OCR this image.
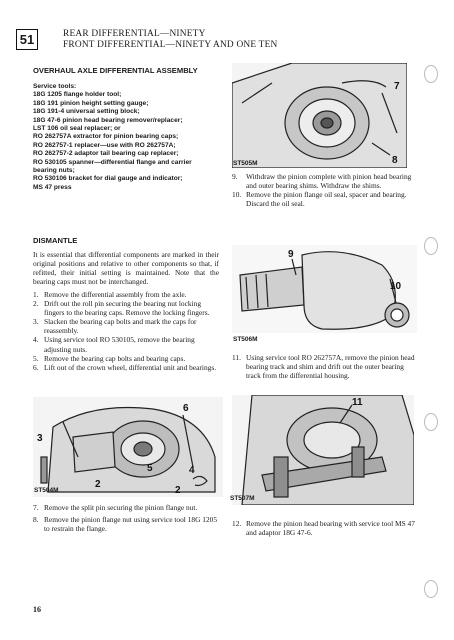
51	REAR DIFFERENTIAL—NINETY
FRONT DIFFERENTIAL—NINETY AND ONE TEN
OVERHAUL AXLE DIFFERENTIAL ASSEMBLY
Service tools:
18G 1205 flange holder tool;
18G 191 pinion height setting gauge;
18G 191-4 universal setting block;
18G 47-6 pinion head bearing remover/replacer;
LST 106 oil seal replacer; or
RO 262757A extractor for pinion bearing caps;
RO 262757-1 replacer—use with RO 262757A;
RO 262757-2 adaptor tail bearing cap replacer;
RO 530105 spanner—differential flange and carrier
bearing nuts;
RO 530106 bracket for dial gauge and indicator;
MS 47 press
DISMANTLE
It is essential that differential components are marked in their original positions and relative to other components so that, if refitted, their initial setting is maintained. Note that the bearing caps must not be interchanged.
1. Remove the differential assembly from the axle.
2. Drift out the roll pin securing the bearing nut locking fingers to the bearing caps. Remove the locking fingers.
3. Slacken the bearing cap bolts and mark the caps for reassembly.
4. Using service tool RO 530105, remove the bearing adjusting nuts.
5. Remove the bearing cap bolts and bearing caps.
6. Lift out of the crown wheel, differential unit and bearings.
3
6
5	4
2
2
ST504M
7. Remove the split pin securing the pinion flange nut.
8. Remove the pinion flange nut using service tool 18G 1205 to restrain the flange.
7
8
ST505M
9.	Withdraw the pinion complete with pinion head bearing and outer bearing shims. Withdraw the shims.
10. Remove the pinion flange oil seal, spacer and bearing. Discard the oil seal.
9
10
ST506M
11. Using service tool RO 262757A, remove the pinion head bearing track and shim and drift out the outer bearing track from the differential housing.
11
ST507M
12. Remove the pinion head bearing with service tool MS 47 and adaptor 18G 47-6.
16
